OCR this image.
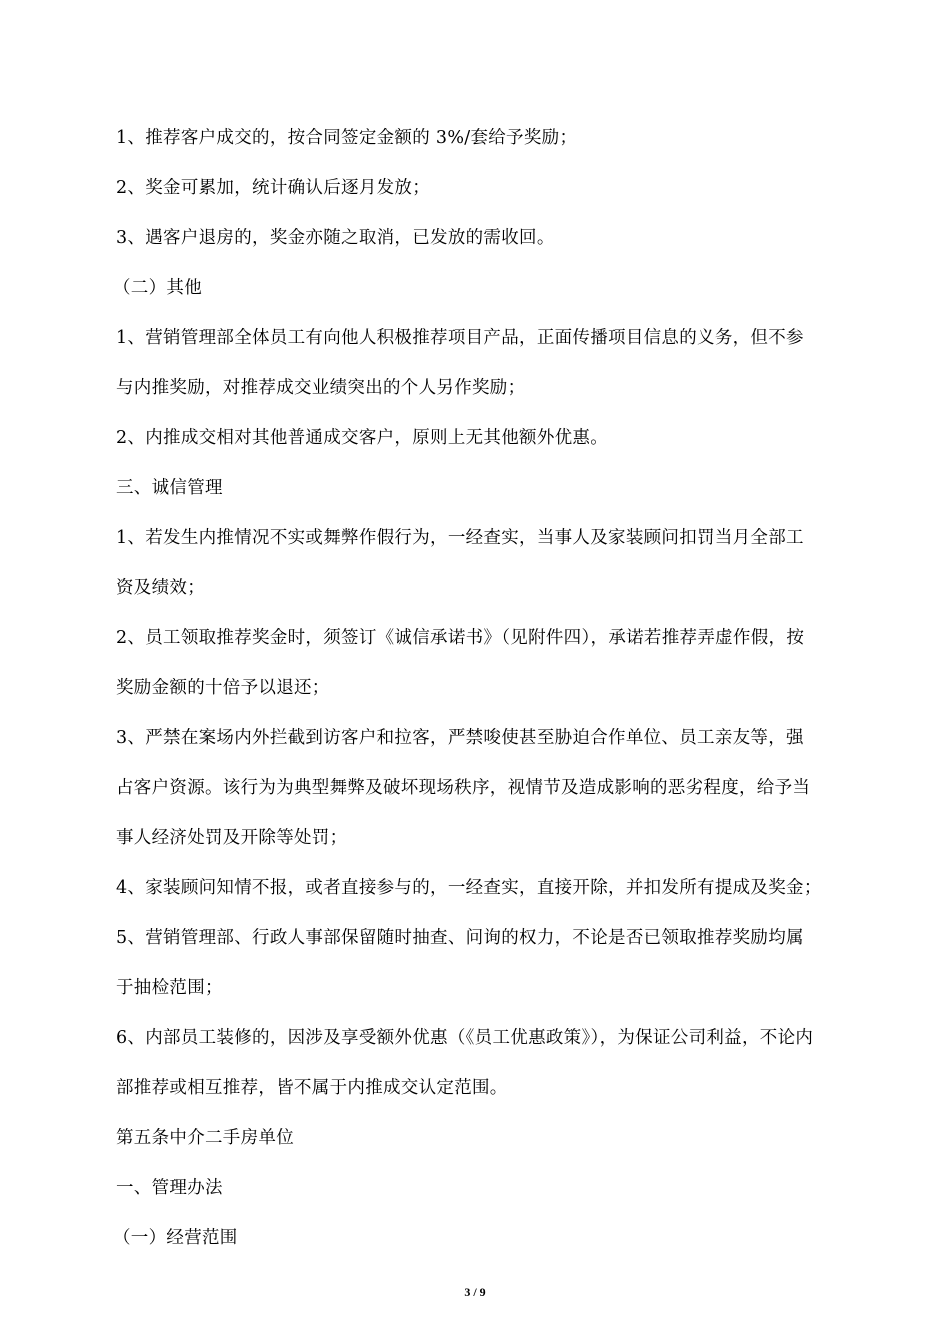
1、推荐客户成交的，按合同签定金额的 3%/套给予奖励；
2、奖金可累加，统计确认后逐月发放；
3、遇客户退房的，奖金亦随之取消，已发放的需收回。
（二）其他
1、营销管理部全体员工有向他人积极推荐项目产品，正面传播项目信息的义务，但不参
与内推奖励，对推荐成交业绩突出的个人另作奖励；
2、内推成交相对其他普通成交客户，原则上无其他额外优惠。
三、诚信管理
1、若发生内推情况不实或舞弊作假行为，一经查实，当事人及家装顾问扣罚当月全部工
资及绩效；
2、员工领取推荐奖金时，须签订《诚信承诺书》（见附件四），承诺若推荐弄虚作假，按
奖励金额的十倍予以退还；
3、严禁在案场内外拦截到访客户和拉客，严禁唆使甚至胁迫合作单位、员工亲友等，强
占客户资源。该行为为典型舞弊及破坏现场秩序，视情节及造成影响的恶劣程度，给予当
事人经济处罚及开除等处罚；
4、家装顾问知情不报，或者直接参与的，一经查实，直接开除，并扣发所有提成及奖金；
5、营销管理部、行政人事部保留随时抽查、问询的权力，不论是否已领取推荐奖励均属
于抽检范围；
6、内部员工装修的，因涉及享受额外优惠（《员工优惠政策》），为保证公司利益，不论内
部推荐或相互推荐，皆不属于内推成交认定范围。
第五条中介二手房单位
一、管理办法
（一）经营范围
3 / 9
